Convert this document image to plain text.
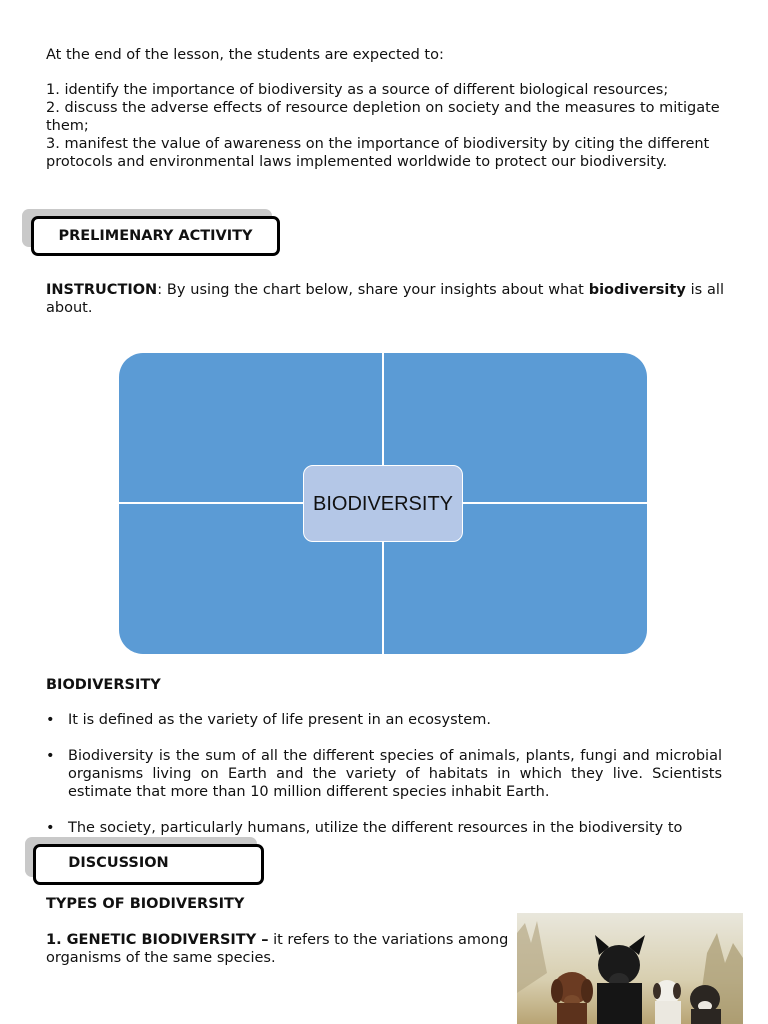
At the end of the lesson, the students are expected to:

1. identify the importance of biodiversity as a source of different biological resources;

2. discuss the adverse effects of resource depletion on society and the measures to mitigate them;

3. manifest the value of awareness on the importance of biodiversity by citing the different protocols and environmental laws implemented worldwide to protect our biodiversity.

PRELIMENARY ACTIVITY

INSTRUCTION: By using the chart below, share your insights about what biodiversity is all about.

BIODIVERSITY

BIODIVERSITY

• It is defined as the variety of life present in an ecosystem.
• Biodiversity is the sum of all the different species of animals, plants, fungi and microbial organisms living on Earth and the variety of habitats in which they live. Scientists estimate that more than 10 million different species inhabit Earth.
• The society, particularly humans, utilize the different resources in the biodiversity to
DISCUSSION

TYPES OF BIODIVERSITY

1. GENETIC BIODIVERSITY – it refers to the variations among organisms of the same species.
